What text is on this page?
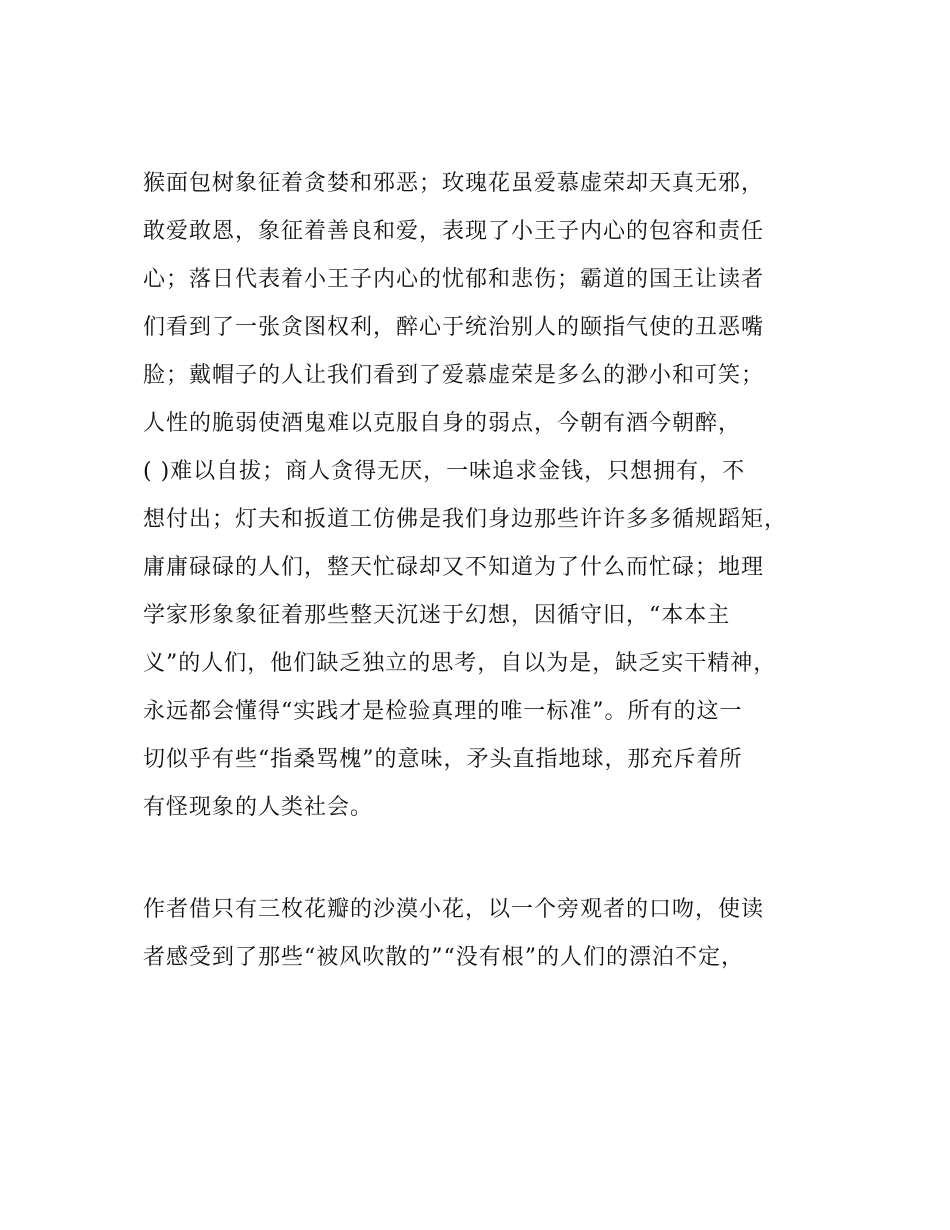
猴面包树象征着贪婪和邪恶；玫瑰花虽爱慕虚荣却天真无邪，
敢爱敢恩，象征着善良和爱，表现了小王子内心的包容和责任
心；落日代表着小王子内心的忧郁和悲伤；霸道的国王让读者
们看到了一张贪图权利，醉心于统治别人的颐指气使的丑恶嘴
脸；戴帽子的人让我们看到了爱慕虚荣是多么的渺小和可笑；
人性的脆弱使酒鬼难以克服自身的弱点，今朝有酒今朝醉，
( )难以自拔；商人贪得无厌，一味追求金钱，只想拥有，不
想付出；灯夫和扳道工仿佛是我们身边那些许许多多循规蹈矩，
庸庸碌碌的人们，整天忙碌却又不知道为了什么而忙碌；地理
学家形象象征着那些整天沉迷于幻想，因循守旧，“本本主
义”的人们，他们缺乏独立的思考，自以为是，缺乏实干精神，
永远都会懂得“实践才是检验真理的唯一标准”。所有的这一
切似乎有些“指桑骂槐”的意味，矛头直指地球，那充斥着所
有怪现象的人类社会。
作者借只有三枚花瓣的沙漠小花，以一个旁观者的口吻，使读
者感受到了那些“被风吹散的”“没有根”的人们的漂泊不定，
